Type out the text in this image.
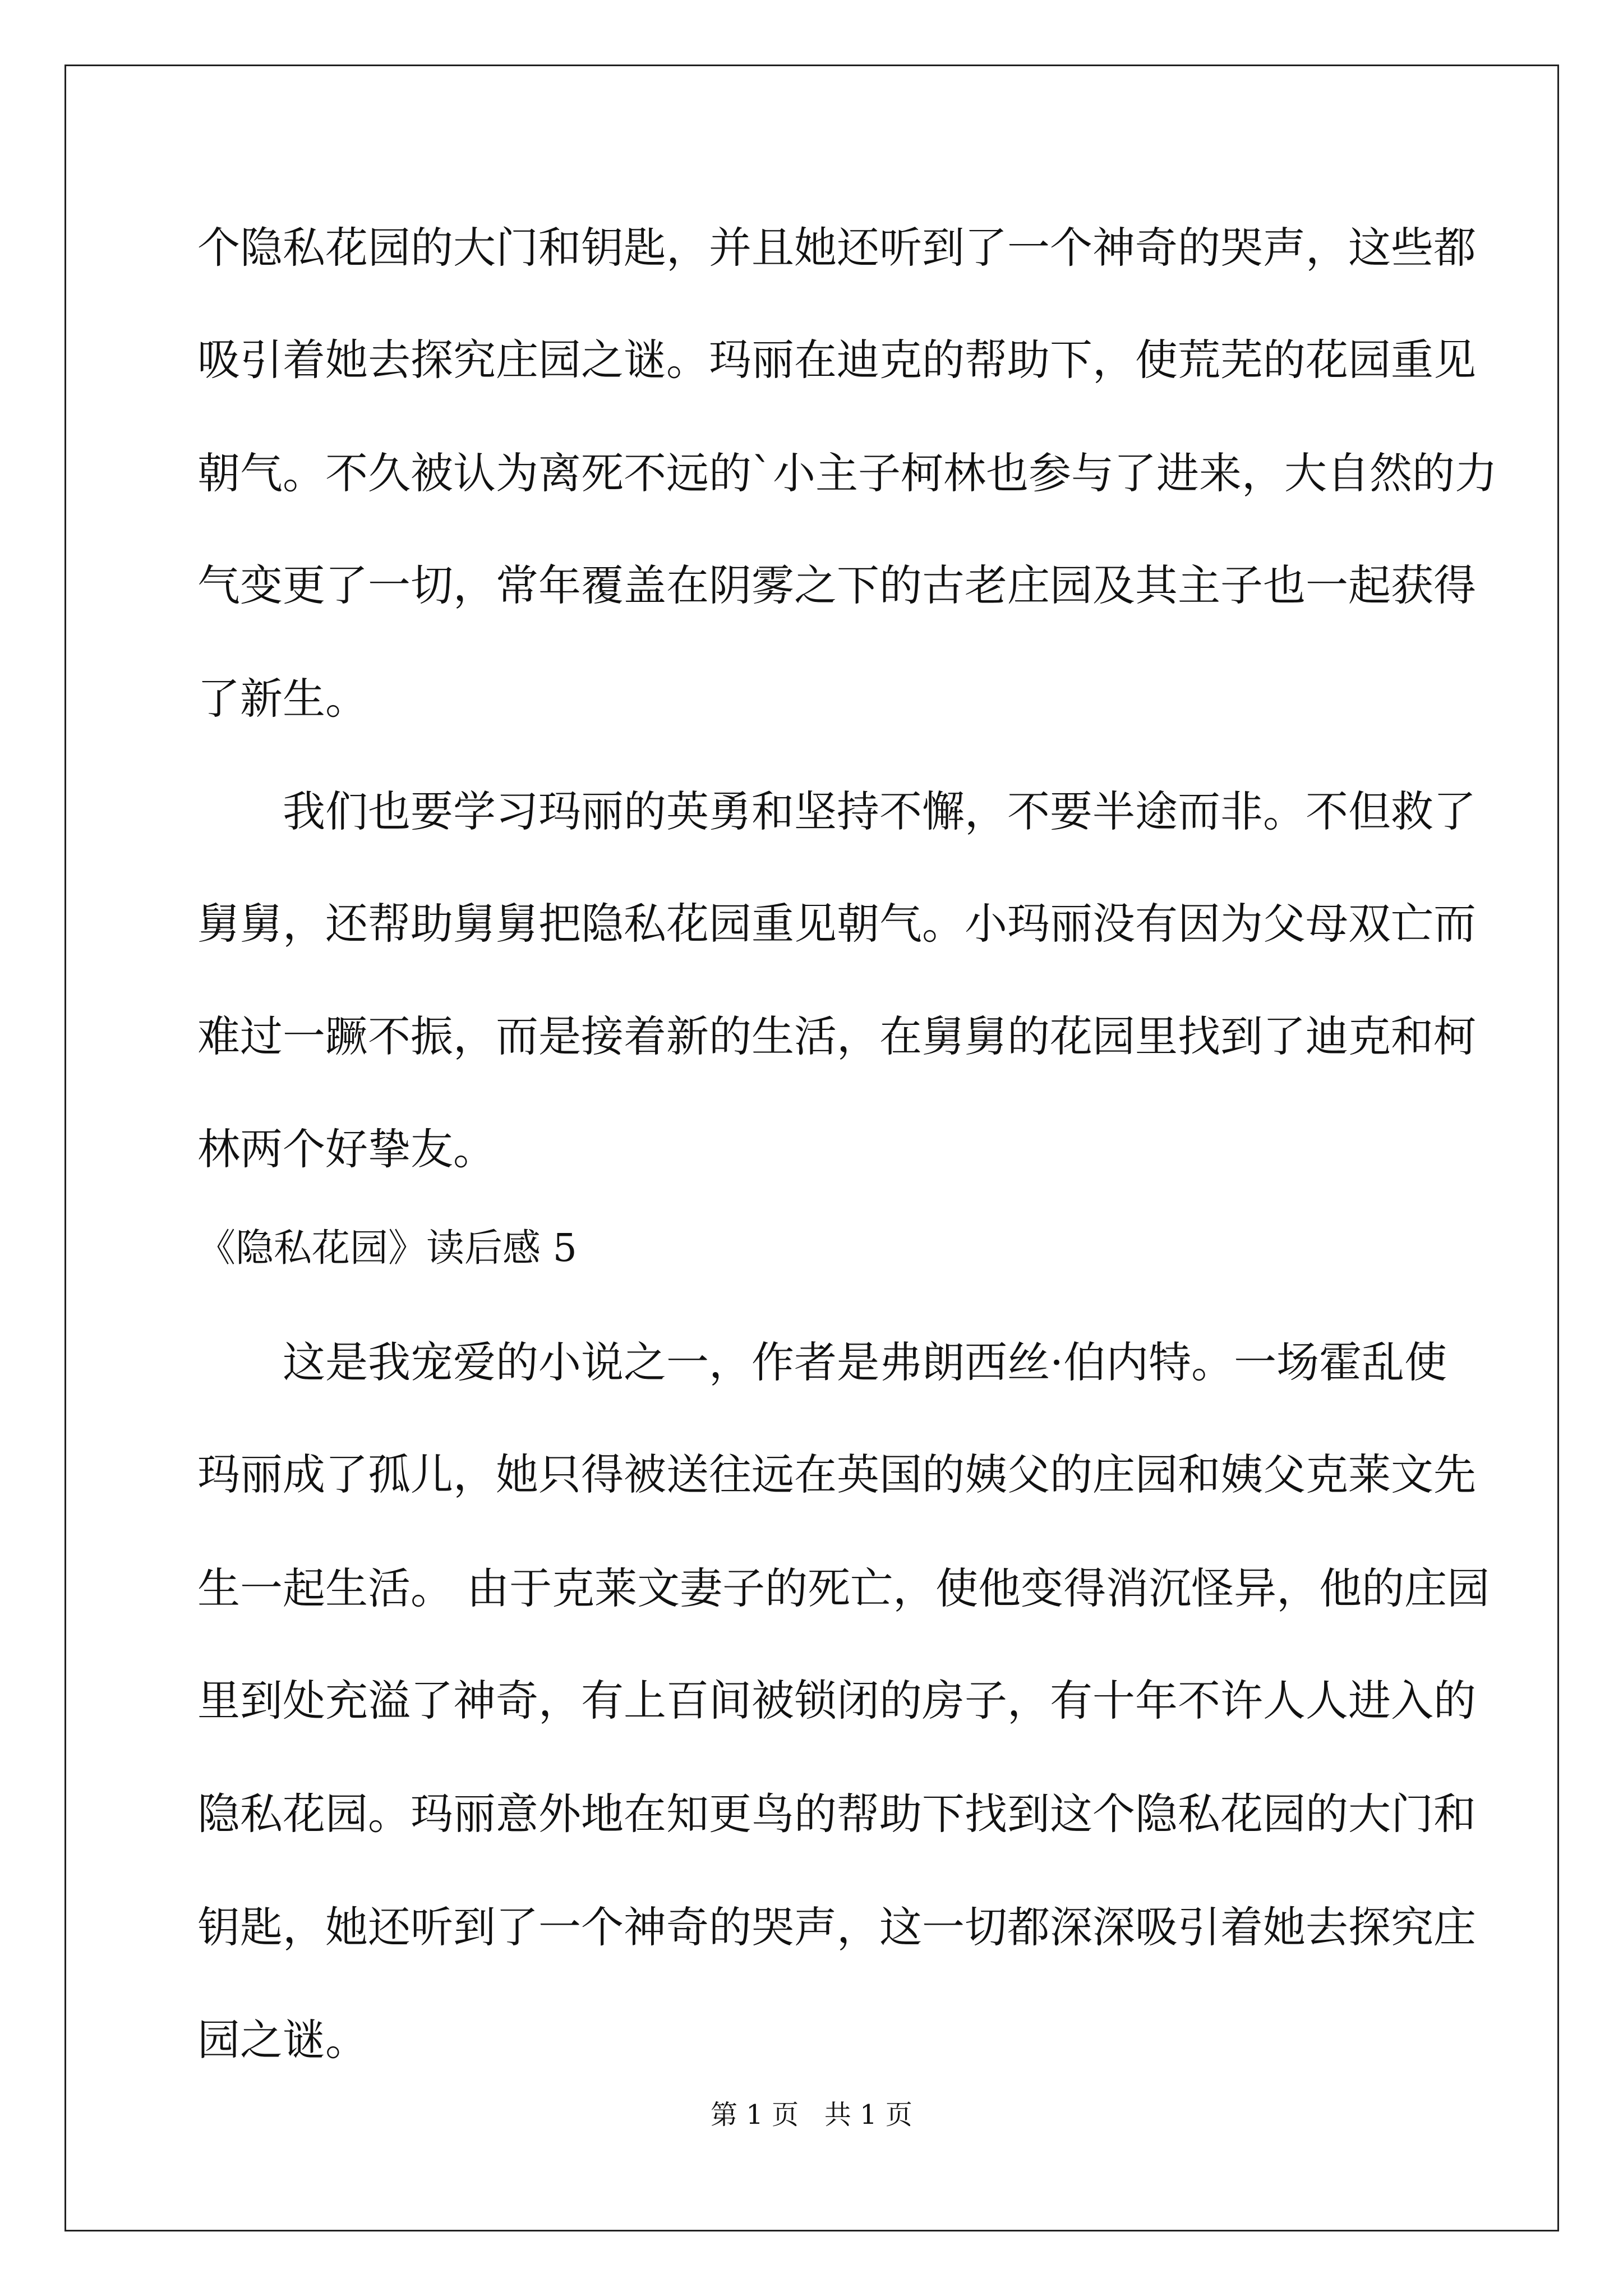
个隐私花园的大门和钥匙，并且她还听到了一个神奇的哭声，这些都
吸引着她去探究庄园之谜。玛丽在迪克的帮助下，使荒芜的花园重见
朝气。不久被认为离死不远的`小主子柯林也参与了进来，大自然的力
气变更了一切，常年覆盖在阴雾之下的古老庄园及其主子也一起获得
了新生。
我们也要学习玛丽的英勇和坚持不懈，不要半途而非。不但救了
舅舅，还帮助舅舅把隐私花园重见朝气。小玛丽没有因为父母双亡而
难过一蹶不振，而是接着新的生活，在舅舅的花园里找到了迪克和柯
林两个好挚友。
《隐私花园》读后感 5
这是我宠爱的小说之一，作者是弗朗西丝·伯内特。一场霍乱使
玛丽成了孤儿，她只得被送往远在英国的姨父的庄园和姨父克莱文先
生一起生活。 由于克莱文妻子的死亡，使他变得消沉怪异，他的庄园
里到处充溢了神奇，有上百间被锁闭的房子，有十年不许人人进入的
隐私花园。玛丽意外地在知更鸟的帮助下找到这个隐私花园的大门和
钥匙，她还听到了一个神奇的哭声，这一切都深深吸引着她去探究庄
园之谜。
第 1 页   共 1 页
